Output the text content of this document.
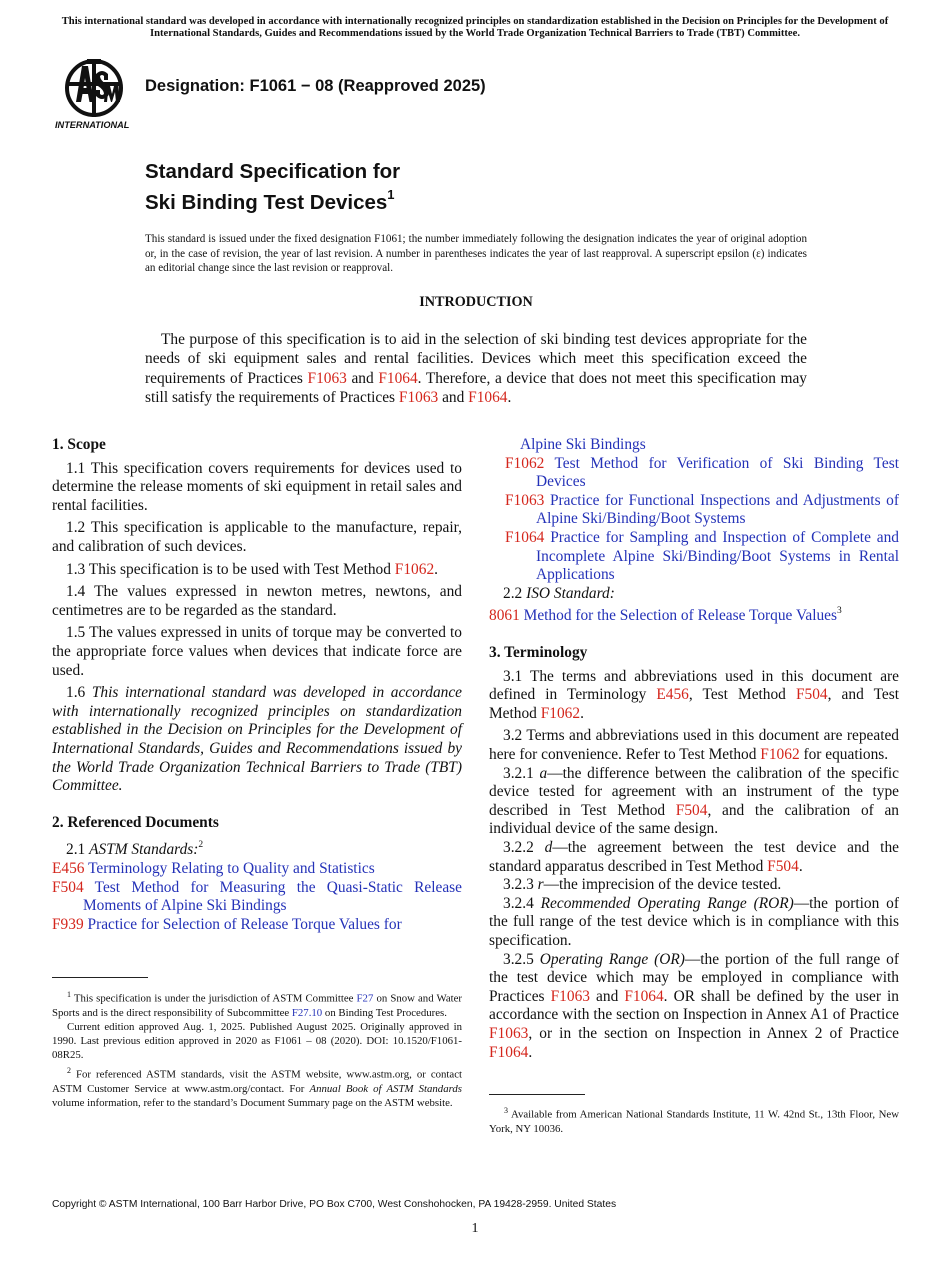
This international standard was developed in accordance with internationally recognized principles on standardization established in the Decision on Principles for the Development of International Standards, Guides and Recommendations issued by the World Trade Organization Technical Barriers to Trade (TBT) Committee.
INTERNATIONAL
Designation: F1061 − 08 (Reapproved 2025)
Standard Specification for
Ski Binding Test Devices$^1$
This standard is issued under the fixed designation F1061; the number immediately following the designation indicates the year of original adoption or, in the case of revision, the year of last revision. A number in parentheses indicates the year of last reapproval. A superscript epsilon (ε) indicates an editorial change since the last revision or reapproval.
INTRODUCTION
The purpose of this specification is to aid in the selection of ski binding test devices appropriate for the needs of ski equipment sales and rental facilities. Devices which meet this specification exceed the requirements of Practices F1063 and F1064. Therefore, a device that does not meet this specification may still satisfy the requirements of Practices F1063 and F1064.

1. Scope

1.1 This specification covers requirements for devices used to determine the release moments of ski equipment in retail sales and rental facilities.

1.2 This specification is applicable to the manufacture, repair, and calibration of such devices.

1.3 This specification is to be used with Test Method F1062.

1.4 The values expressed in newton metres, newtons, and centimetres are to be regarded as the standard.

1.5 The values expressed in units of torque may be converted to the appropriate force values when devices that indicate force are used.

1.6 This international standard was developed in accordance with internationally recognized principles on standardization established in the Decision on Principles for the Development of International Standards, Guides and Recommendations issued by the World Trade Organization Technical Barriers to Trade (TBT) Committee.

2. Referenced Documents

2.1 ASTM Standards:$^2$

E456 Terminology Relating to Quality and Statistics

F504 Test Method for Measuring the Quasi-Static Release Moments of Alpine Ski Bindings

F939 Practice for Selection of Release Torque Values for

$^1$ This specification is under the jurisdiction of ASTM Committee F27 on Snow and Water Sports and is the direct responsibility of Subcommittee F27.10 on Binding Test Procedures.

Current edition approved Aug. 1, 2025. Published August 2025. Originally approved in 1990. Last previous edition approved in 2020 as F1061 – 08 (2020). DOI: 10.1520/F1061-08R25.

$^2$ For referenced ASTM standards, visit the ASTM website, www.astm.org, or contact ASTM Customer Service at www.astm.org/contact. For Annual Book of ASTM Standards volume information, refer to the standard’s Document Summary page on the ASTM website.

Alpine Ski Bindings

F1062 Test Method for Verification of Ski Binding Test Devices

F1063 Practice for Functional Inspections and Adjustments of Alpine Ski/Binding/Boot Systems

F1064 Practice for Sampling and Inspection of Complete and Incomplete Alpine Ski/Binding/Boot Systems in Rental Applications

2.2 ISO Standard:

8061 Method for the Selection of Release Torque Values$^3$

3. Terminology

3.1 The terms and abbreviations used in this document are defined in Terminology E456, Test Method F504, and Test Method F1062.

3.2 Terms and abbreviations used in this document are repeated here for convenience. Refer to Test Method F1062 for equations.

3.2.1 a—the difference between the calibration of the specific device tested for agreement with an instrument of the type described in Test Method F504, and the calibration of an individual device of the same design.

3.2.2 d—the agreement between the test device and the standard apparatus described in Test Method F504.

3.2.3 r—the imprecision of the device tested.

3.2.4 Recommended Operating Range (ROR)—the portion of the full range of the test device which is in compliance with this specification.

3.2.5 Operating Range (OR)—the portion of the full range of the test device which may be employed in compliance with Practices F1063 and F1064. OR shall be defined by the user in accordance with the section on Inspection in Annex A1 of Practice F1063, or in the section on Inspection in Annex 2 of Practice F1064.

$^3$ Available from American National Standards Institute, 11 W. 42nd St., 13th Floor, New York, NY 10036.

Copyright © ASTM International, 100 Barr Harbor Drive, PO Box C700, West Conshohocken, PA 19428-2959. United States
1
